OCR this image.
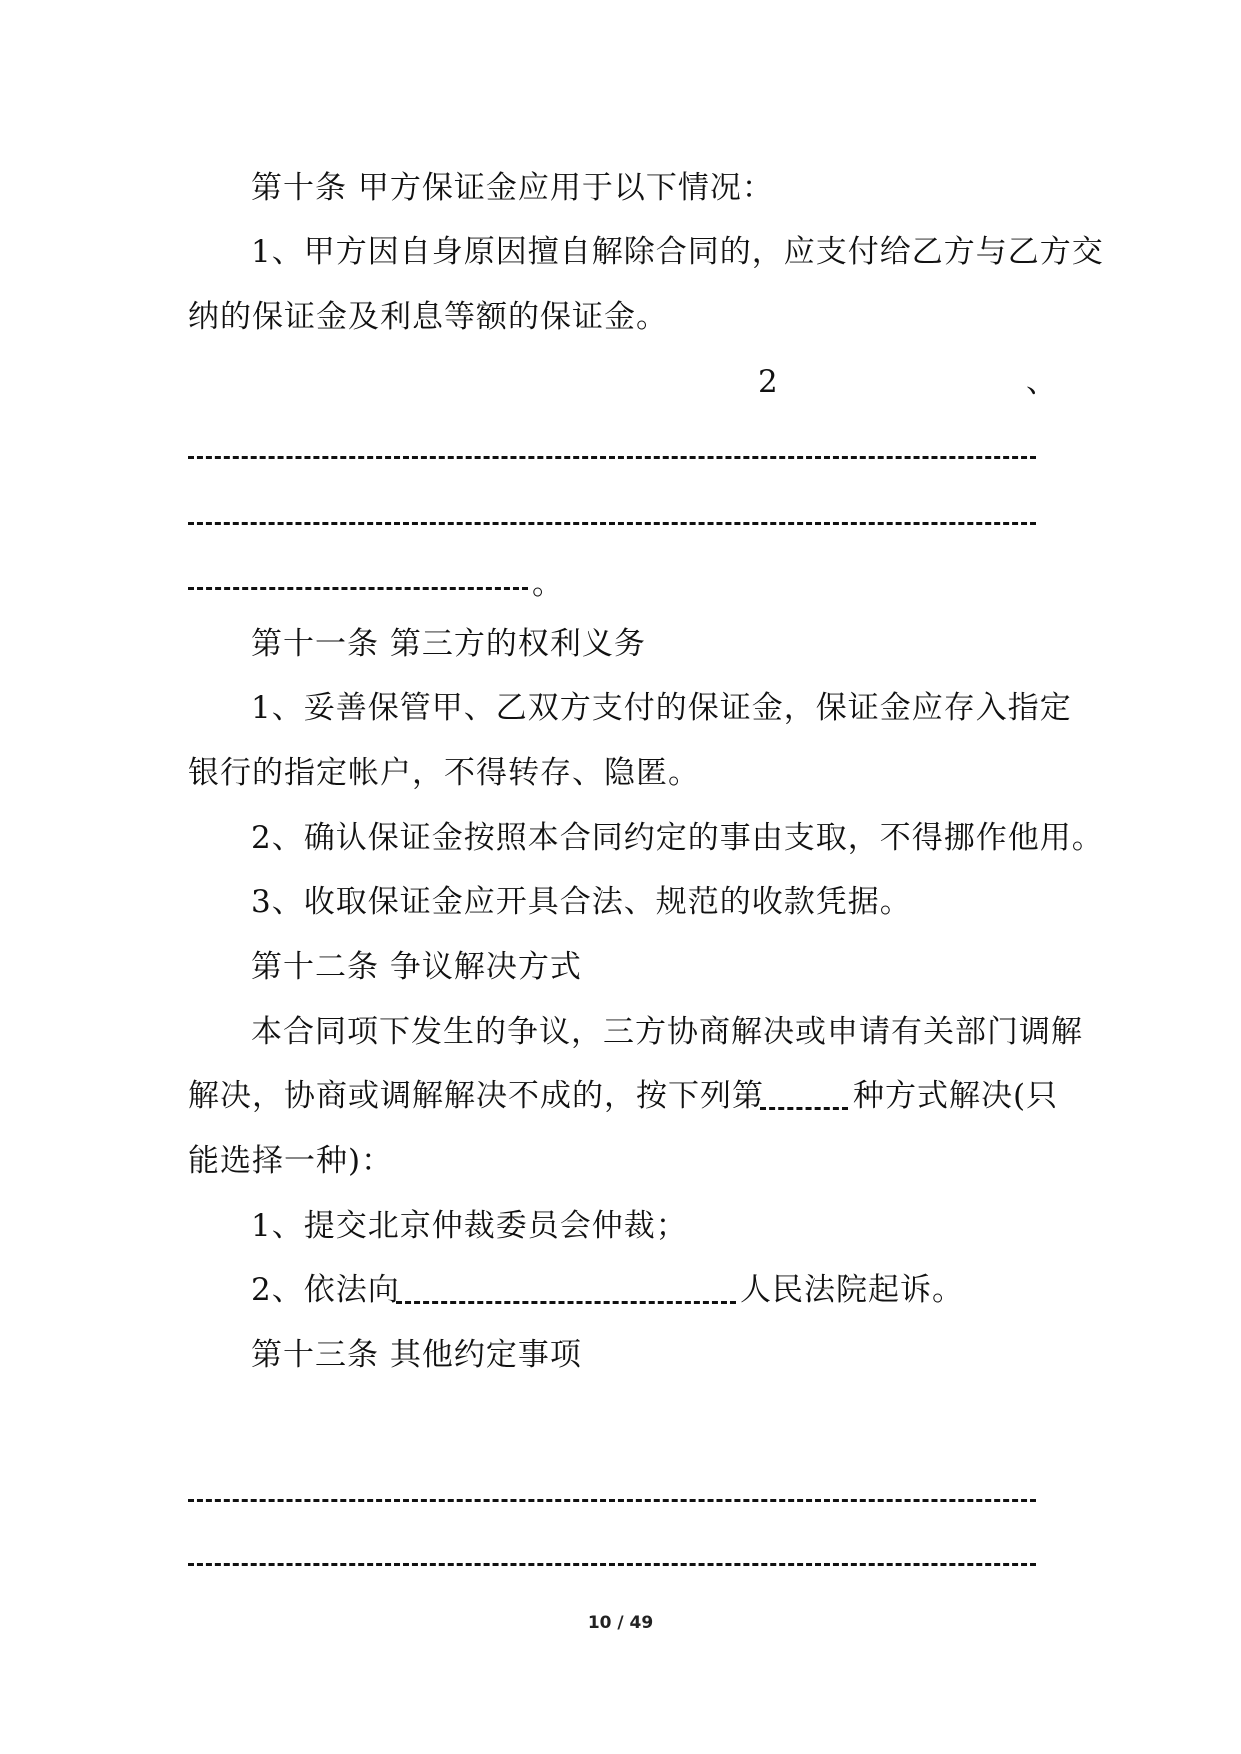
第十条 甲方保证金应用于以下情况：
1、甲方因自身原因擅自解除合同的，应支付给乙方与乙方交
纳的保证金及利息等额的保证金。
2	、
。
第十一条 第三方的权利义务
1、妥善保管甲、乙双方支付的保证金，保证金应存入指定
银行的指定帐户，不得转存、隐匿。
2、确认保证金按照本合同约定的事由支取，不得挪作他用。
3、收取保证金应开具合法、规范的收款凭据。
第十二条 争议解决方式
本合同项下发生的争议，三方协商解决或申请有关部门调解
解决，协商或调解解决不成的，按下列第	种方式解决(只
能选择一种)：
1、提交北京仲裁委员会仲裁；
2、依法向	人民法院起诉。
第十三条 其他约定事项
10 / 49
